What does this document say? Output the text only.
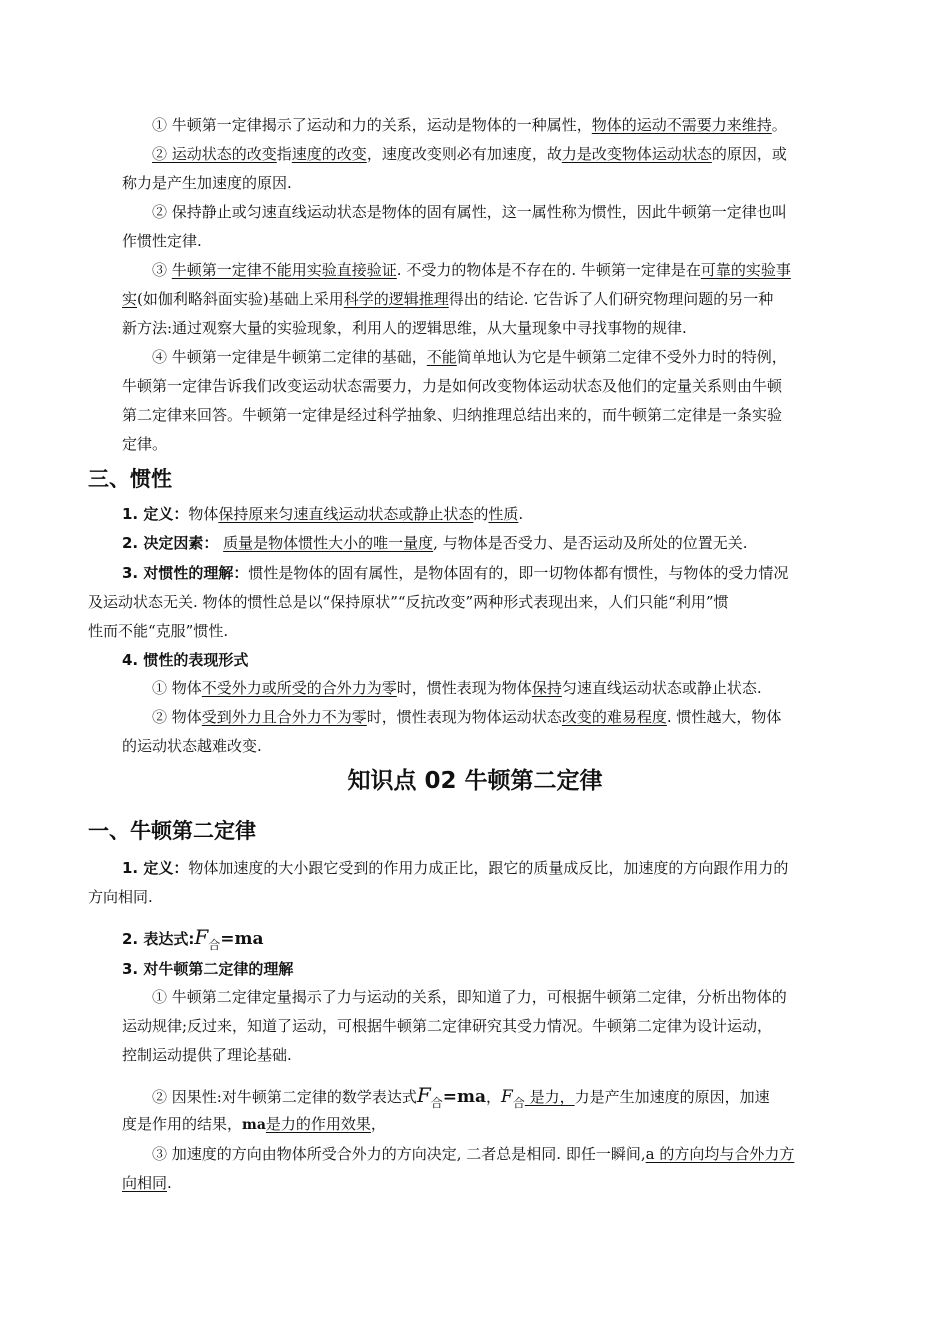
① 牛顿第一定律揭示了运动和力的关系，运动是物体的一种属性，物体的运动不需要力来维持。

② 运动状态的改变指速度的改变，速度改变则必有加速度，故力是改变物体运动状态的原因，或

称力是产生加速度的原因.

② 保持静止或匀速直线运动状态是物体的固有属性，这一属性称为惯性，因此牛顿第一定律也叫

作惯性定律.

③ 牛顿第一定律不能用实验直接验证. 不受力的物体是不存在的. 牛顿第一定律是在可靠的实验事

实(如伽利略斜面实验)基础上采用科学的逻辑推理得出的结论. 它告诉了人们研究物理问题的另一种

新方法:通过观察大量的实验现象，利用人的逻辑思维，从大量现象中寻找事物的规律.

④ 牛顿第一定律是牛顿第二定律的基础，不能简单地认为它是牛顿第二定律不受外力时的特例，

牛顿第一定律告诉我们改变运动状态需要力，力是如何改变物体运动状态及他们的定量关系则由牛顿

第二定律来回答。牛顿第一定律是经过科学抽象、归纳推理总结出来的，而牛顿第二定律是一条实验

定律。

三、惯性

1. 定义：物体保持原来匀速直线运动状态或静止状态的性质.

2. 决定因素： 质量是物体惯性大小的唯一量度, 与物体是否受力、是否运动及所处的位置无关.

3. 对惯性的理解：惯性是物体的固有属性，是物体固有的，即一切物体都有惯性，与物体的受力情况

及运动状态无关. 物体的惯性总是以“保持原状”“反抗改变”两种形式表现出来，人们只能“利用”惯

性而不能“克服”惯性.

4. 惯性的表现形式

① 物体不受外力或所受的合外力为零时，惯性表现为物体保持匀速直线运动状态或静止状态.

② 物体受到外力且合外力不为零时，惯性表现为物体运动状态改变的难易程度. 惯性越大，物体

的运动状态越难改变.

知识点 02 牛顿第二定律
一、牛顿第二定律

1. 定义：物体加速度的大小跟它受到的作用力成正比，跟它的质量成反比，加速度的方向跟作用力的

方向相同.

2. 表达式$:F_合=ma$

3. 对牛顿第二定律的理解

① 牛顿第二定律定量揭示了力与运动的关系，即知道了力，可根据牛顿第二定律，分析出物体的

运动规律;反过来，知道了运动，可根据牛顿第二定律研究其受力情况。牛顿第二定律为设计运动，

控制运动提供了理论基础.

② 因果性:对牛顿第二定律的数学表达式$F_合=ma$，$F_合$ 是力，力是产生加速度的原因，加速

度是作用的结果，ma是力的作用效果，

③ 加速度的方向由物体所受合外力的方向决定, 二者总是相同. 即任一瞬间,a 的方向均与合外力方

向相同.
